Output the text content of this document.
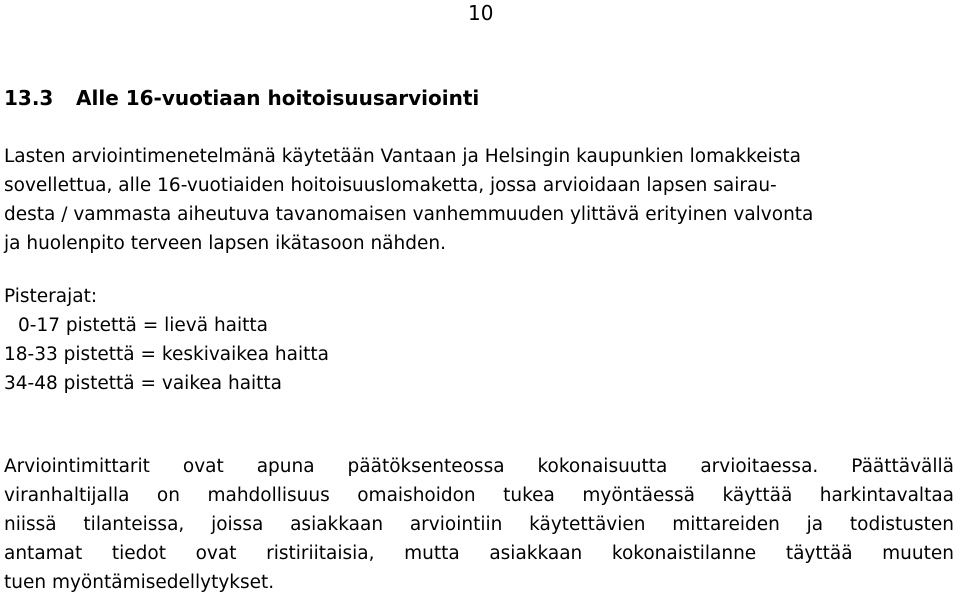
10
13.3 Alle 16-vuotiaan hoitoisuusarviointi
Lasten arviointimenetelmänä käytetään Vantaan ja Helsingin kaupunkien lomakkeista
sovellettua, alle 16-vuotiaiden hoitoisuuslomaketta, jossa arvioidaan lapsen sairau-
desta / vammasta aiheutuva tavanomaisen vanhemmuuden ylittävä erityinen valvonta
ja huolenpito terveen lapsen ikätasoon nähden.
Pisterajat:
0-17 pistettä = lievä haitta
18-33 pistettä = keskivaikea haitta
34-48 pistettä = vaikea haitta
Arviointimittarit ovat apuna päätöksenteossa kokonaisuutta arvioitaessa. Päättävällä
viranhaltijalla on mahdollisuus omaishoidon tukea myöntäessä käyttää harkintavaltaa
niissä tilanteissa, joissa asiakkaan arviointiin käytettävien mittareiden ja todistusten
antamat tiedot ovat ristiriitaisia, mutta asiakkaan kokonaistilanne täyttää muuten
tuen myöntämisedellytykset.
